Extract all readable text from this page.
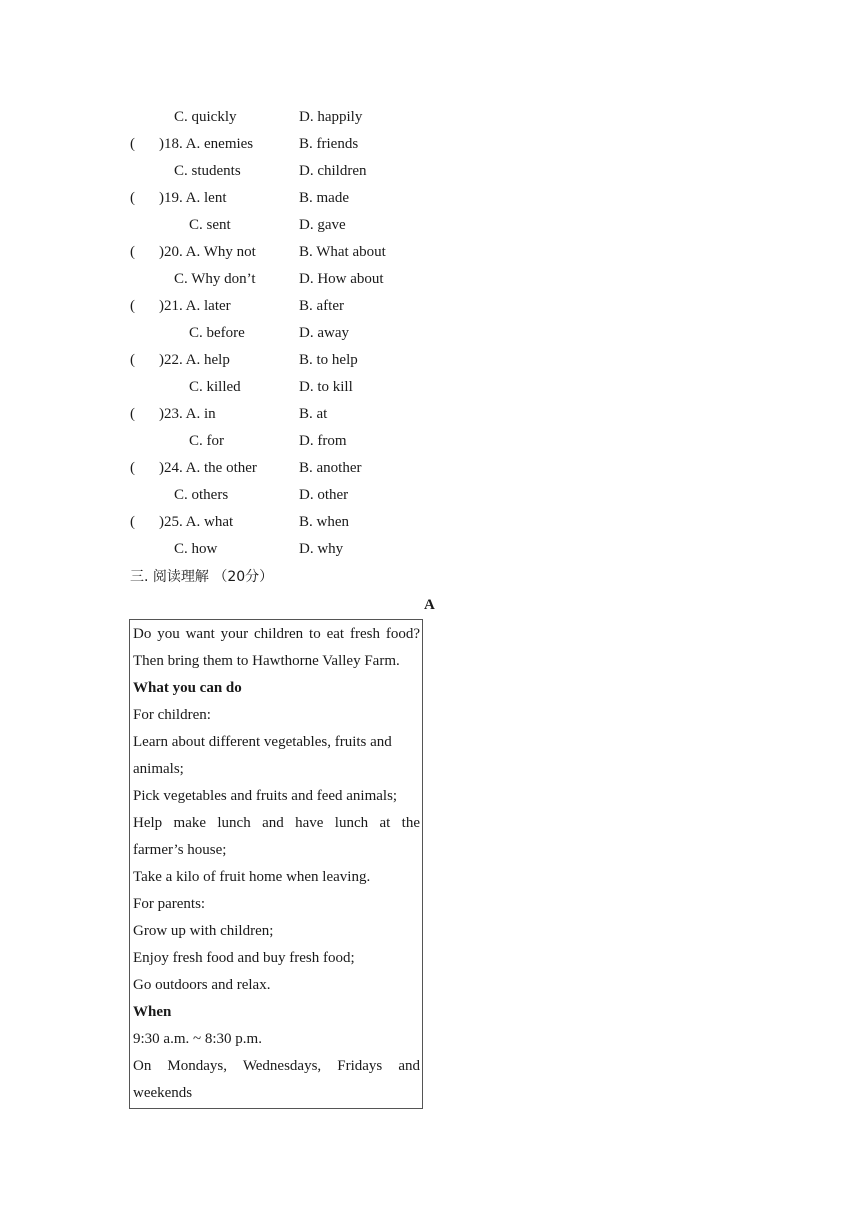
C. quickly	D. happily
( )18. A. enemies	B. friends
C. students	D. children
( )19. A. lent	B. made
C. sent	D. gave
( )20. A. Why not	B. What about
C. Why don’t	D. How about
( )21. A. later	B. after
C. before	D. away
( )22. A. help	B. to help
C. killed	D. to kill
( )23. A. in	B. at
C. for	D. from
( )24. A. the other	B. another
C. others	D. other
( )25. A. what	B. when
C. how	D. why
三. 阅读理解 （20分）
A

Do you want your children to eat fresh food?

Then bring them to Hawthorne Valley Farm.

What you can do

For children:

Learn about different vegetables, fruits and

animals;

Pick vegetables and fruits and feed animals;

Help make lunch and have lunch at the

farmer’s house;

Take a kilo of fruit home when leaving.

For parents:

Grow up with children;

Enjoy fresh food and buy fresh food;

Go outdoors and relax.

When

9:30 a.m. ~ 8:30 p.m.

On Mondays, Wednesdays, Fridays and

weekends
